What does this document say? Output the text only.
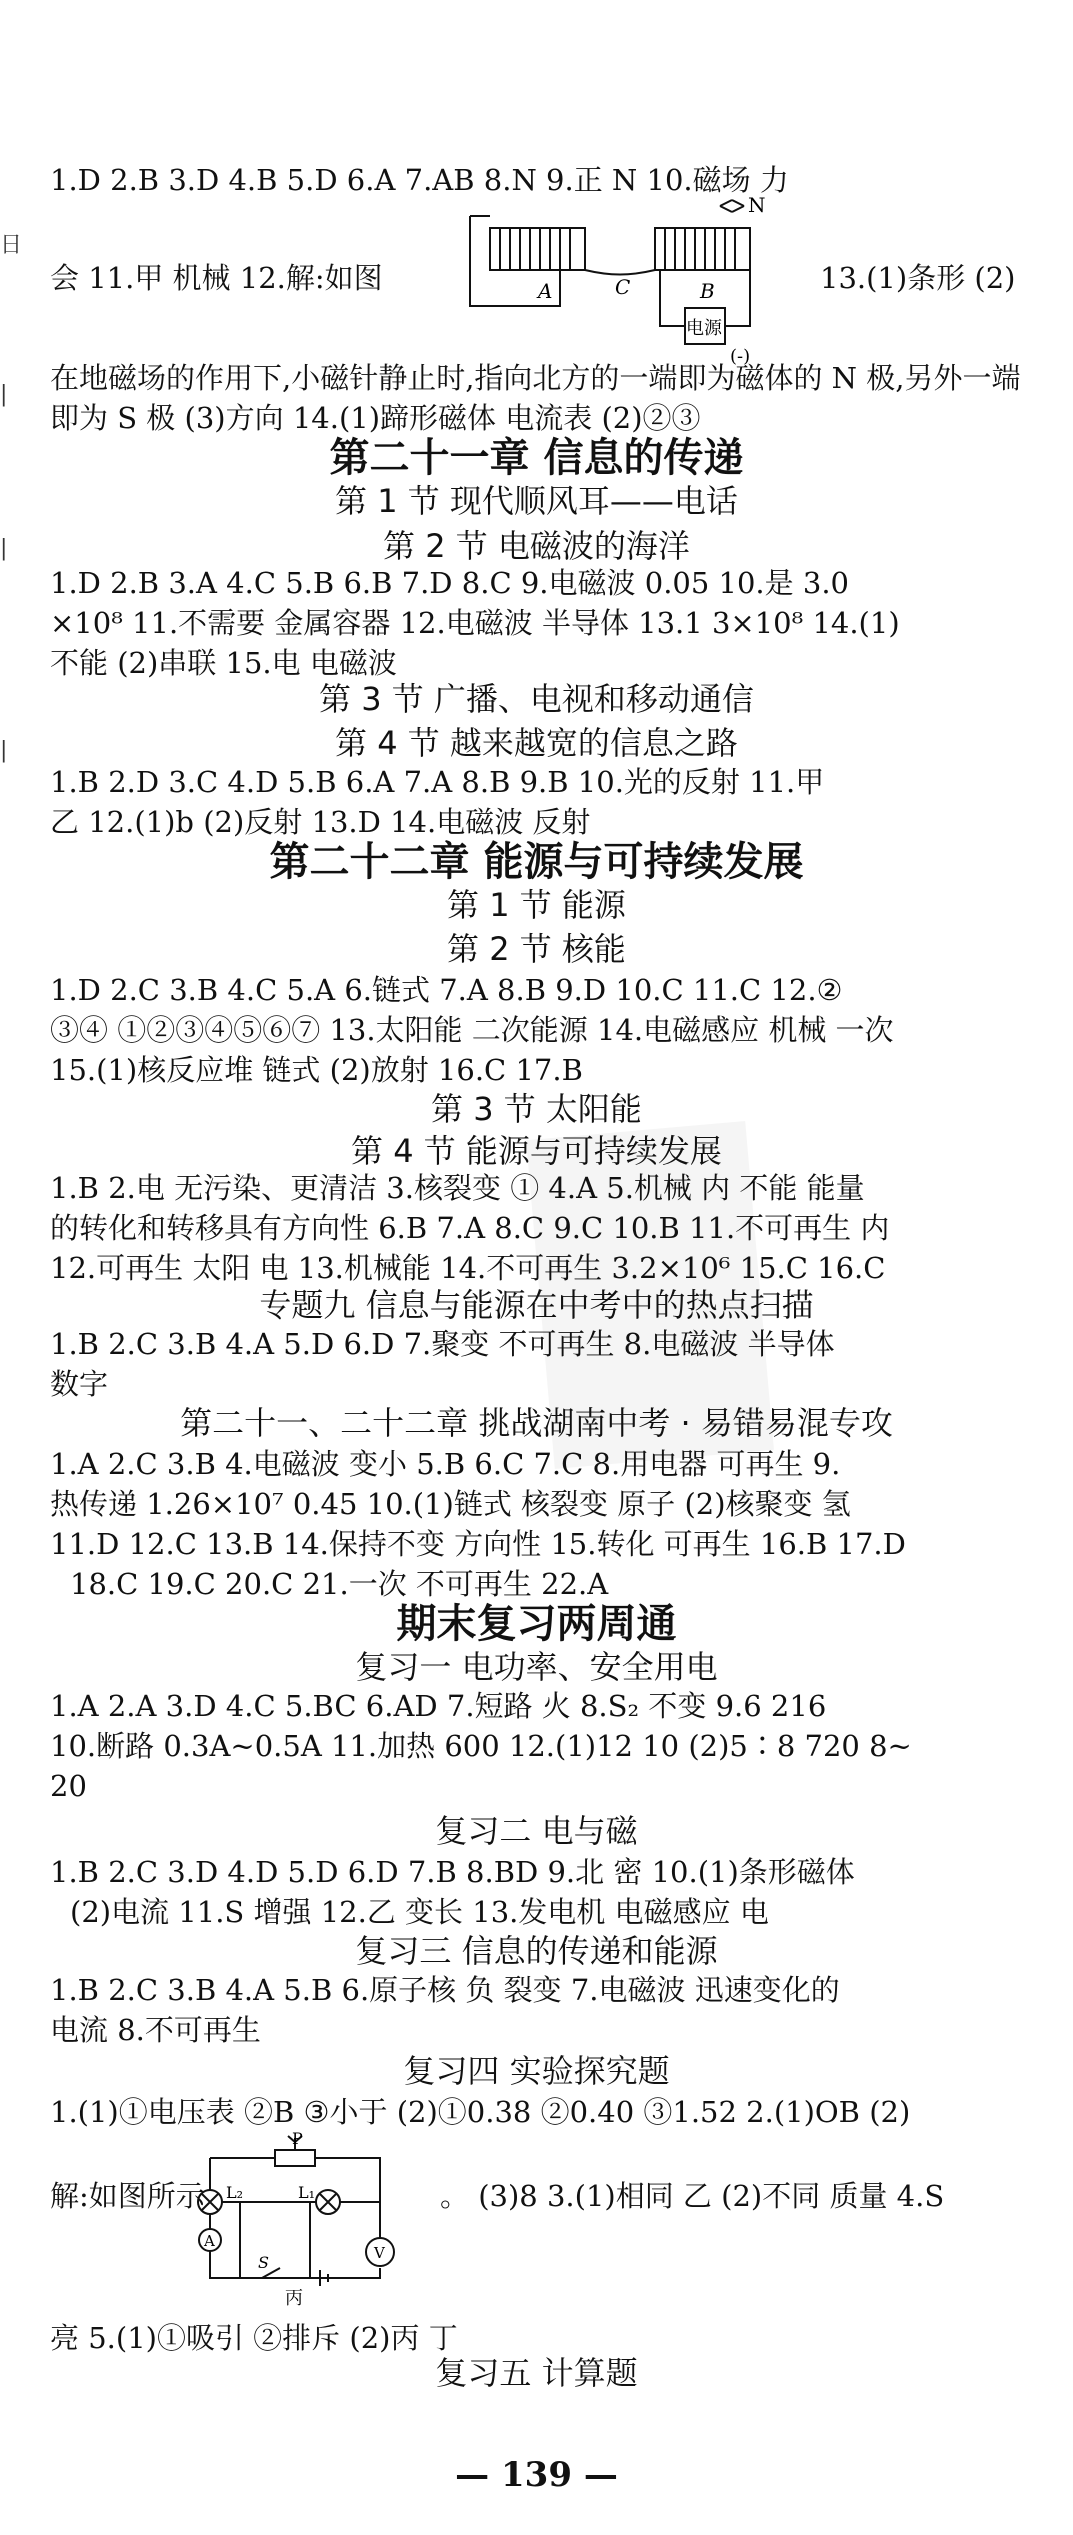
日
|
|
|
1.D 2.B 3.D 4.B 5.D 6.A 7.AB 8.N 9.正 N 10.磁场 力
A	C	B
N
电源
(-)
会 11.甲 机械 12.解:如图	13.(1)条形 (2)
在地磁场的作用下,小磁针静止时,指向北方的一端即为磁体的 N 极,另外一端
即为 S 极 (3)方向 14.(1)蹄形磁体 电流表 (2)②③
第二十一章 信息的传递
第 1 节 现代顺风耳——电话
第 2 节 电磁波的海洋
1.D 2.B 3.A 4.C 5.B 6.B 7.D 8.C 9.电磁波 0.05 10.是 3.0
×10⁸ 11.不需要 金属容器 12.电磁波 半导体 13.1 3×10⁸ 14.(1)
不能 (2)串联 15.电 电磁波
第 3 节 广播、电视和移动通信
第 4 节 越来越宽的信息之路
1.B 2.D 3.C 4.D 5.B 6.A 7.A 8.B 9.B 10.光的反射 11.甲
乙 12.(1)b (2)反射 13.D 14.电磁波 反射
第二十二章 能源与可持续发展
第 1 节 能源
第 2 节 核能
1.D 2.C 3.B 4.C 5.A 6.链式 7.A 8.B 9.D 10.C 11.C 12.②
③④ ①②③④⑤⑥⑦ 13.太阳能 二次能源 14.电磁感应 机械 一次
15.(1)核反应堆 链式 (2)放射 16.C 17.B
第 3 节 太阳能
第 4 节 能源与可持续发展
1.B 2.电 无污染、更清洁 3.核裂变 ① 4.A 5.机械 内 不能 能量
的转化和转移具有方向性 6.B 7.A 8.C 9.C 10.B 11.不可再生 内
12.可再生 太阳 电 13.机械能 14.不可再生 3.2×10⁶ 15.C 16.C
专题九 信息与能源在中考中的热点扫描
1.B 2.C 3.B 4.A 5.D 6.D 7.聚变 不可再生 8.电磁波 半导体
数字
第二十一、二十二章 挑战湖南中考 · 易错易混专攻
1.A 2.C 3.B 4.电磁波 变小 5.B 6.C 7.C 8.用电器 可再生 9.
热传递 1.26×10⁷ 0.45 10.(1)链式 核裂变 原子 (2)核聚变 氢
11.D 12.C 13.B 14.保持不变 方向性 15.转化 可再生 16.B 17.D
18.C 19.C 20.C 21.一次 不可再生 22.A
期末复习两周通
复习一 电功率、安全用电
1.A 2.A 3.D 4.C 5.BC 6.AD 7.短路 火 8.S₂ 不变 9.6 216
10.断路 0.3A~0.5A 11.加热 600 12.(1)12 10 (2)5∶8 720 8~
20
复习二 电与磁
1.B 2.C 3.D 4.D 5.D 6.D 7.B 8.BD 9.北 密 10.(1)条形磁体
(2)电流 11.S 增强 12.乙 变长 13.发电机 电磁感应 电
复习三 信息的传递和能源
1.B 2.C 3.B 4.A 5.B 6.原子核 负 裂变 7.电磁波 迅速变化的
电流 8.不可再生
复习四 实验探究题
1.(1)①电压表 ②B ③小于 (2)①0.38 ②0.40 ③1.52 2.(1)OB (2)
P
L₂	L₁
A
V
S
丙
解:如图所示	。 (3)8 3.(1)相同 乙 (2)不同 质量 4.S
亮 5.(1)①吸引 ②排斥 (2)丙 丁
复习五 计算题
— 139 —
